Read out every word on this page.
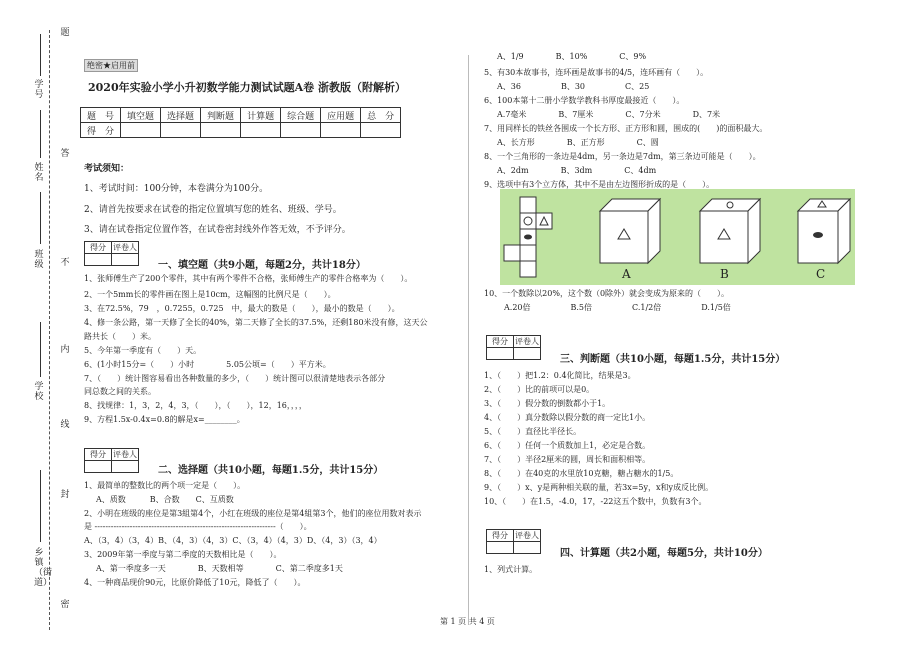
题
答
不
内
线
封
密
学号
姓名
班级
学校
乡镇（街道）
绝密★启用前
2020年实验小学小升初数学能力测试试题A卷 浙教版（附解析）
题　号	填空题	选择题	判断题	计算题	综合题	应用题	总　分
得　分							
考试须知：
1、考试时间：100分钟，本卷满分为100分。
2、请首先按要求在试卷的指定位置填写您的姓名、班级、学号。
3、请在试卷指定位置作答，在试卷密封线外作答无效，不予评分。
得分	评卷人

一、填空题（共9小题，每题2分，共计18分）
1、张师傅生产了200个零件，其中有两个零件不合格，张师傅生产的零件合格率为（　　）。
2、一个5mm长的零件画在图上是10cm，这幅图的比例尺是（　　）。
3、在72.5%，79　，0.7255，0.725　中，最大的数是（　　），最小的数是（　　）。
4、修一条公路，第一天修了全长的40%，第二天修了全长的37.5%，还剩180米没有修，这天公
路共长（　　）米。
5、今年第一季度有（　　）天。
6、(1小时15分=（　　）小时　　　　5.05公顷=（　　）平方米。
7、（　　）统计图容易看出各种数量的多少，（　　）统计图可以很清楚地表示各部分
同总数之间的关系。
8、找规律：1，3，2，4，3，（　　），（　　），12，16，，，，
9、方程1.5x-0.4x=0.8的解是x=________。
得分	评卷人

二、选择题（共10小题，每题1.5分，共计15分）
1、最简单的整数比的两个项一定是（　　）。
A、质数　　　B、合数　　C、互质数
2、小明在班级的座位是第3組第4个，小红在班级的座位是第4組第3个，他们的座位用数对表示
是 -------------------------------------------------------------------（　　）。
A、（3，4）（3，4）B、（4，3）（4，3）C、（3，4）（4，3）D、（4，3）（3，4）
3、2009年第一季度与第二季度的天数相比是（　　）。
A、第一季度多一天　　　　B、天数相等　　　　C、第二季度多1天
4、一种商品现价90元，比原价降低了10元，降低了（　　）。
A、1/9　　　　B、10%　　　　C、9%
5、有30本故事书，连环画是故事书的4/5，连环画有（　　）。
A、36　　　　　B、30　　　　　C、25
6、100本第十二册小学数学教科书厚度最接近（　　）。
A.7毫米　　　　B、7厘米　　　　C、7分米　　　　D、7米
7、用同样长的铁丝各围成一个长方形、正方形和圆，围成的(　　)的面积最大。
A、长方形　　　　B、正方形　　　　C、圆
8、一个三角形的一条边是4dm，另一条边是7dm，第三条边可能是（　　）。
A、2dm　　　　B、3dm　　　　C、4dm
9、选项中有3个立方体，其中不是由左边图形折成的是（　　）。
A	B	C
10、一个数除以20%，这个数（0除外）就会变成为原来的（　　）。
A.20倍　　　　　B.5倍　　　　　C.1/2倍　　　　　D.1/5倍
得分	评卷人

三、判断题（共10小题，每题1.5分，共计15分）
1、（　　）把1.2：0.4化简比，结果是3。
2、（　　）比的前项可以是0。
3、（　　）假分数的倒数都小于1。
4、（　　）真分数除以假分数的商一定比1小。
5、（　　）直径比半径长。
6、（　　）任何一个质数加上1，必定是合数。
7、（　　）半径2厘米的圆，周长和面积相等。
8、（　　）在40克的水里放10克糖，糖占糖水的1/5。
9、（　　）x、y是两种相关联的量，若3x=5y，x和y成反比例。
10、（　　）在1.5，-4.0，17，-22这五个数中，负数有3个。
得分	评卷人

四、计算题（共2小题，每题5分，共计10分）
1、列式计算。
第 1 页 共 4 页
